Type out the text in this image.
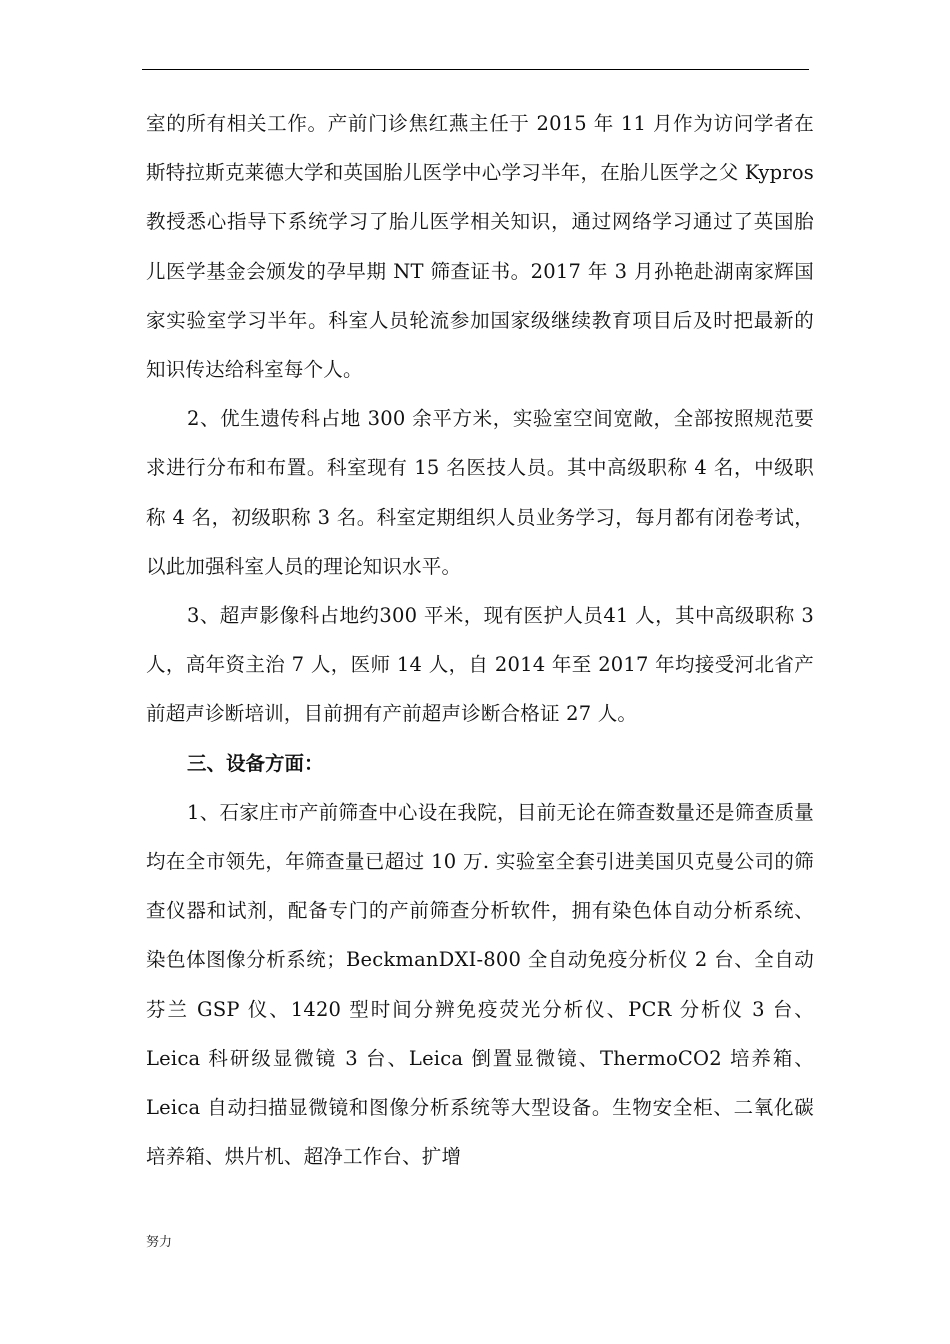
室的所有相关工作。产前门诊焦红燕主任于 2015 年 11 月作为访问学者在斯特拉斯克莱德大学和英国胎儿医学中心学习半年，在胎儿医学之父 Kypros 教授悉心指导下系统学习了胎儿医学相关知识，通过网络学习通过了英国胎儿医学基金会颁发的孕早期 NT 筛查证书。2017 年 3 月孙艳赴湖南家辉国家实验室学习半年。科室人员轮流参加国家级继续教育项目后及时把最新的知识传达给科室每个人。

2、优生遗传科占地 300 余平方米，实验室空间宽敞，全部按照规范要求进行分布和布置。科室现有 15 名医技人员。其中高级职称 4 名，中级职称 4 名，初级职称 3 名。科室定期组织人员业务学习，每月都有闭卷考试，以此加强科室人员的理论知识水平。

3、超声影像科占地约300 平米，现有医护人员41 人，其中高级职称 3 人，高年资主治 7 人，医师 14 人，自 2014 年至 2017 年均接受河北省产前超声诊断培训，目前拥有产前超声诊断合格证 27 人。

三、设备方面：

1、石家庄市产前筛查中心设在我院，目前无论在筛查数量还是筛查质量均在全市领先，年筛查量已超过 10 万. 实验室全套引进美国贝克曼公司的筛查仪器和试剂，配备专门的产前筛查分析软件，拥有染色体自动分析系统、染色体图像分析系统；BeckmanDXI-800 全自动免疫分析仪 2 台、全自动芬兰 GSP 仪、1420 型时间分辨免疫荧光分析仪、PCR 分析仪 3 台、Leica 科研级显微镜 3 台、Leica 倒置显微镜、ThermoCO2 培养箱、Leica 自动扫描显微镜和图像分析系统等大型设备。生物安全柜、二氧化碳培养箱、烘片机、超净工作台、扩增

努力
